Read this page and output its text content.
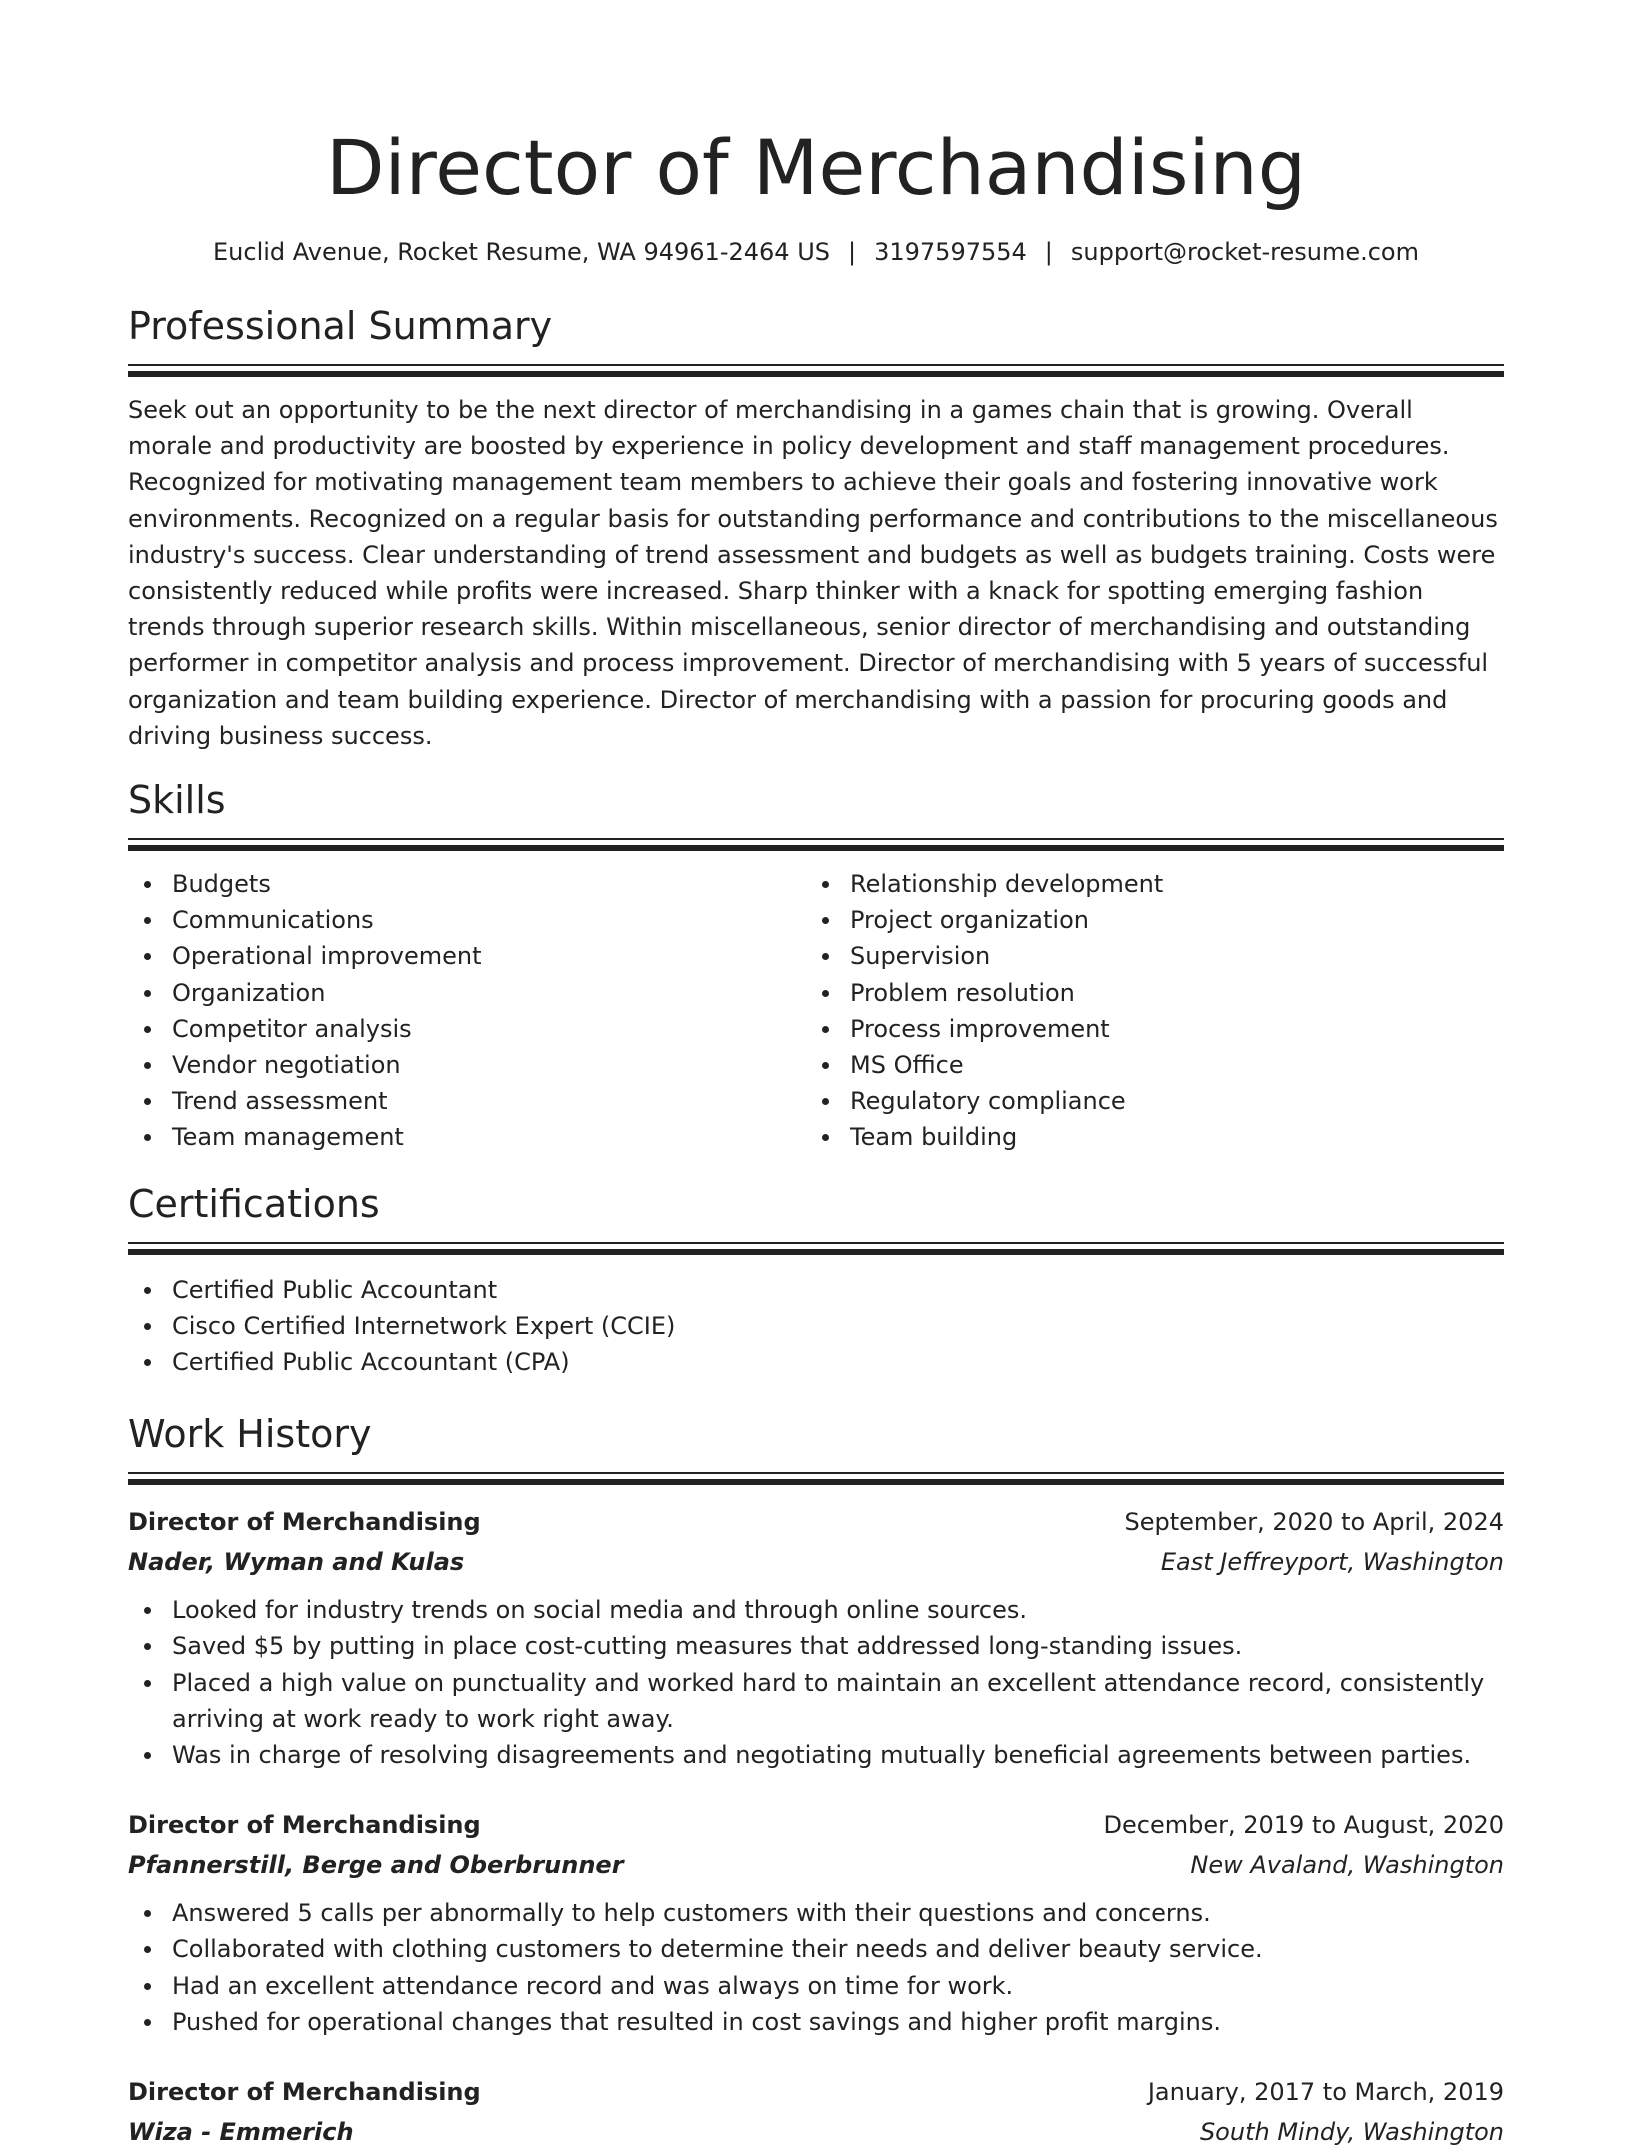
Director of Merchandising
Euclid Avenue, Rocket Resume, WA 94961-2464 US | 3197597554 | support@rocket-resume.com
Professional Summary

Seek out an opportunity to be the next director of merchandising in a games chain that is growing. Overall morale and productivity are boosted by experience in policy development and staff management procedures. Recognized for motivating management team members to achieve their goals and fostering innovative work environments. Recognized on a regular basis for outstanding performance and contributions to the miscellaneous industry's success. Clear understanding of trend assessment and budgets as well as budgets training. Costs were consistently reduced while profits were increased. Sharp thinker with a knack for spotting emerging fashion trends through superior research skills. Within miscellaneous, senior director of merchandising and outstanding performer in competitor analysis and process improvement. Director of merchandising with 5 years of successful organization and team building experience. Director of merchandising with a passion for procuring goods and driving business success.

Skills
Budgets
Communications
Operational improvement
Organization
Competitor analysis
Vendor negotiation
Trend assessment
Team management
Relationship development
Project organization
Supervision
Problem resolution
Process improvement
MS Office
Regulatory compliance
Team building
Certifications
Certified Public Accountant
Cisco Certified Internetwork Expert (CCIE)
Certified Public Accountant (CPA)
Work History
Director of Merchandising	September, 2020 to April, 2024
Nader, Wyman and Kulas	East Jeffreyport, Washington
Looked for industry trends on social media and through online sources.
Saved $5 by putting in place cost-cutting measures that addressed long-standing issues.
Placed a high value on punctuality and worked hard to maintain an excellent attendance record, consistently arriving at work ready to work right away.
Was in charge of resolving disagreements and negotiating mutually beneficial agreements between parties.
Director of Merchandising	December, 2019 to August, 2020
Pfannerstill, Berge and Oberbrunner	New Avaland, Washington
Answered 5 calls per abnormally to help customers with their questions and concerns.
Collaborated with clothing customers to determine their needs and deliver beauty service.
Had an excellent attendance record and was always on time for work.
Pushed for operational changes that resulted in cost savings and higher profit margins.
Director of Merchandising	January, 2017 to March, 2019
Wiza - Emmerich	South Mindy, Washington
